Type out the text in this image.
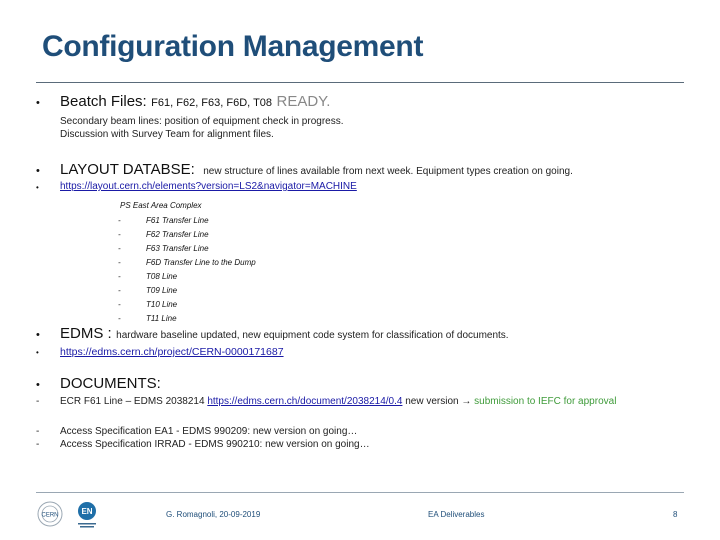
Configuration Management
• Beatch Files: F61, F62, F63, F6D, T08 READY.
Secondary beam lines: position of equipment check in progress.
Discussion with Survey Team for alignment files.
• LAYOUT DATABSE: new structure of lines available from next week. Equipment types creation on going.
• https://layout.cern.ch/elements?version=LS2&navigator=MACHINE
PS East Area Complex
-	F61 Transfer Line
-	F62 Transfer Line
-	F63 Transfer Line
-	F6D Transfer Line to the Dump
-	T08 Line
-	T09 Line
-	T10 Line
-	T11 Line
• EDMS : hardware baseline updated, new equipment code system for classification of documents.
• https://edms.cern.ch/project/CERN-0000171687
• DOCUMENTS:
- ECR F61 Line – EDMS 2038214 https://edms.cern.ch/document/2038214/0.4 new version → submission to IEFC for approval
- Access Specification EA1 - EDMS 990209: new version on going…
- Access Specification IRRAD - EDMS 990210: new version on going…
CERN	EN	G. Romagnoli, 20-09-2019	EA Deliverables	8
